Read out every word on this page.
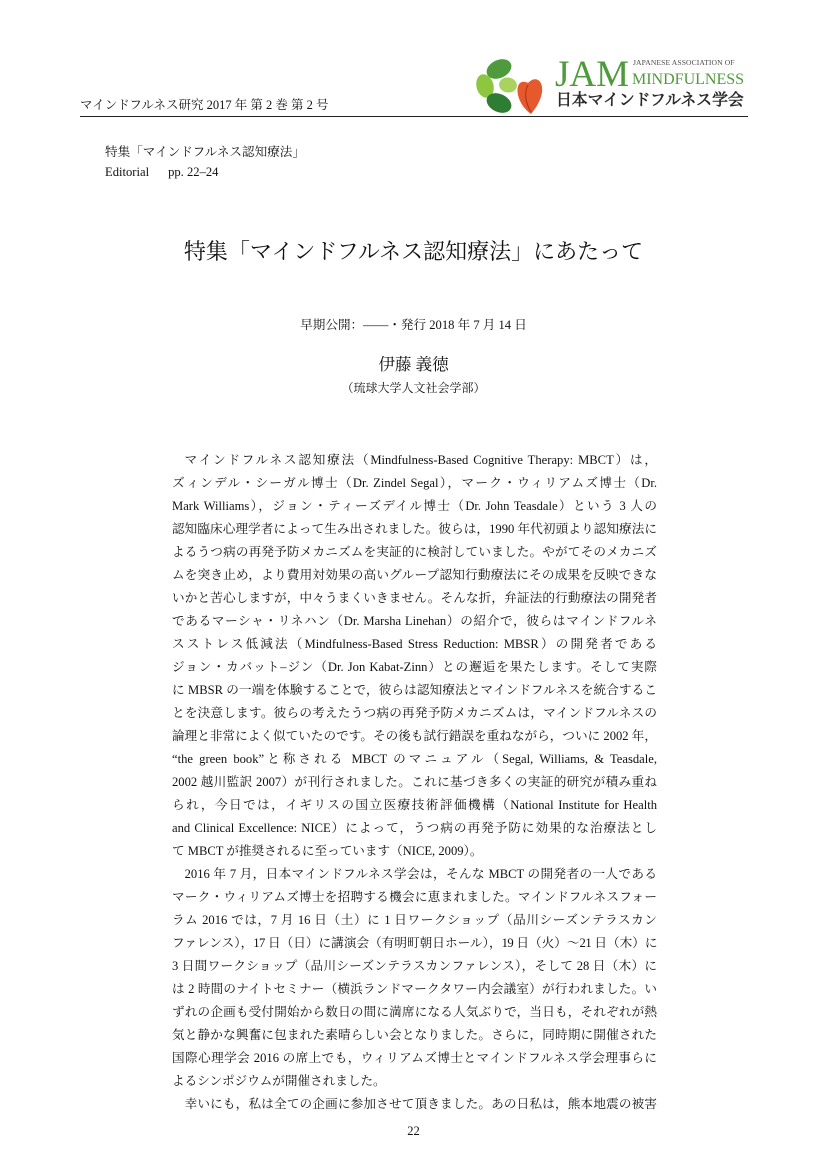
マインドフルネス研究 2017 年 第 2 巻 第 2 号
JAM JAPANESE ASSOCIATION OF
MINDFULNESS
日本マインドフルネス学会
特集「マインドフルネス認知療法」
Editorial pp. 22–24
特集「マインドフルネス認知療法」にあたって
早期公開：——・発行 2018 年 7 月 14 日
伊藤 義徳
（琉球大学人文社会学部）
マインドフルネス認知療法（Mindfulness-Based Cognitive Therapy: MBCT）は，
ズィンデル・シーガル博士（Dr. Zindel Segal），マーク・ウィリアムズ博士（Dr.
Mark Williams），ジョン・ティーズデイル博士（Dr. John Teasdale）という 3 人の
認知臨床心理学者によって生み出されました。彼らは，1990 年代初頭より認知療法に
よるうつ病の再発予防メカニズムを実証的に検討していました。やがてそのメカニズ
ムを突き止め，より費用対効果の高いグループ認知行動療法にその成果を反映できな
いかと苦心しますが，中々うまくいきません。そんな折，弁証法的行動療法の開発者
であるマーシャ・リネハン（Dr. Marsha Linehan）の紹介で，彼らはマインドフルネ
スストレス低減法（Mindfulness-Based Stress Reduction: MBSR）の開発者である
ジョン・カバット–ジン（Dr. Jon Kabat-Zinn）との邂逅を果たします。そして実際
に MBSR の一端を体験することで，彼らは認知療法とマインドフルネスを統合するこ
とを決意します。彼らの考えたうつ病の再発予防メカニズムは，マインドフルネスの
論理と非常によく似ていたのです。その後も試行錯誤を重ねながら，ついに 2002 年，
“the green book”と称される MBCT のマニュアル（Segal, Williams, & Teasdale,
2002 越川監訳 2007）が刊行されました。これに基づき多くの実証的研究が積み重ね
られ，今日では，イギリスの国立医療技術評価機構（National Institute for Health
and Clinical Excellence: NICE）によって，うつ病の再発予防に効果的な治療法とし
て MBCT が推奨されるに至っています（NICE, 2009）。
2016 年 7 月，日本マインドフルネス学会は，そんな MBCT の開発者の一人である
マーク・ウィリアムズ博士を招聘する機会に恵まれました。マインドフルネスフォー
ラム 2016 では，7 月 16 日（土）に 1 日ワークショップ（品川シーズンテラスカン
ファレンス），17 日（日）に講演会（有明町朝日ホール），19 日（火）〜21 日（木）に
3 日間ワークショップ（品川シーズンテラスカンファレンス），そして 28 日（木）に
は 2 時間のナイトセミナー（横浜ランドマークタワー内会議室）が行われました。い
ずれの企画も受付開始から数日の間に満席になる人気ぶりで，当日も，それぞれが熱
気と静かな興奮に包まれた素晴らしい会となりました。さらに，同時期に開催された
国際心理学会 2016 の席上でも，ウィリアムズ博士とマインドフルネス学会理事らに
よるシンポジウムが開催されました。
幸いにも，私は全ての企画に参加させて頂きました。あの日私は，熊本地震の被害
22
